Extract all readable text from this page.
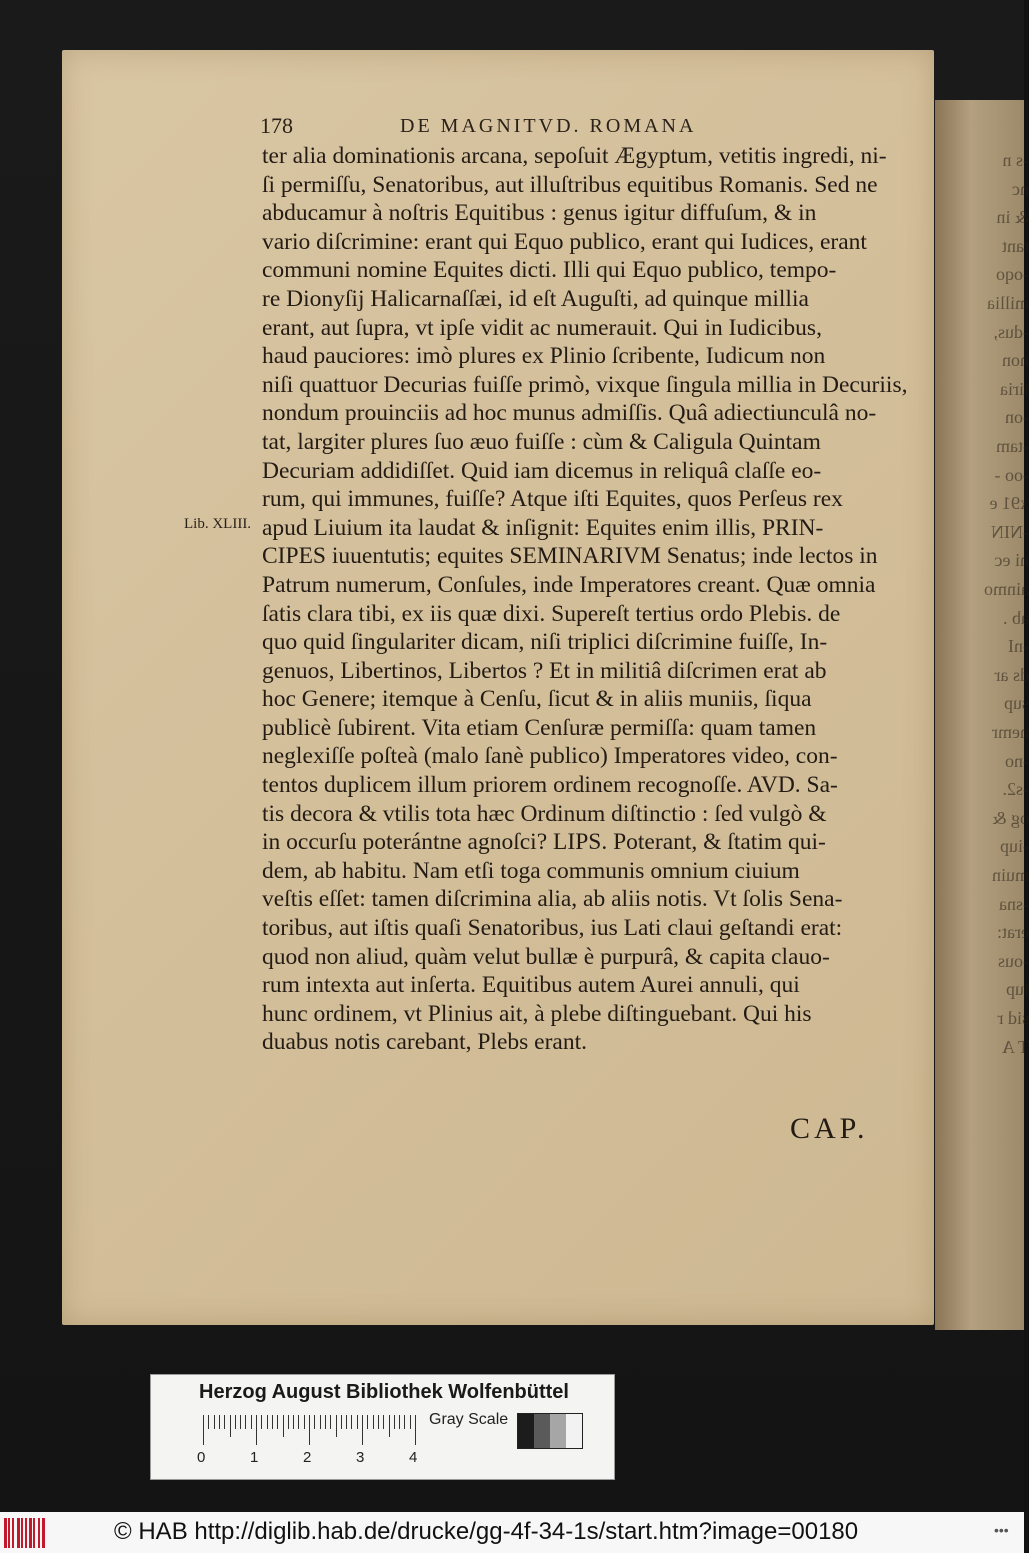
-s n
nc
& in
tant
-oqo
millia
-dus,
non
iiria
-on
-tam
-oo -
x91 e
-NIN
ni ec
ainmo
ab .
-nI
ds ar
sup
nemr
-no
-s2.
og &
-iup
muin
-sna
erat:
-ous
iup
sid r
T A
178	DE MAGNITVD. ROMANA
Lib. XLIII.
ter alia dominationis arcana, sepoſuit Ægyptum, vetitis ingredi, ni-
ſi permiſſu, Senatoribus, aut illuſtribus equitibus Romanis. Sed ne
abducamur à noſtris Equitibus : genus igitur diffuſum, & in
vario diſcrimine: erant qui Equo publico, erant qui Iudices, erant
communi nomine Equites dicti. Illi qui Equo publico, tempo-
re Dionyſij Halicarnaſſæi, id eſt Auguſti, ad quinque millia
erant, aut ſupra, vt ipſe vidit ac numerauit. Qui in Iudicibus,
haud pauciores: imò plures ex Plinio ſcribente, Iudicum non
niſi quattuor Decurias fuiſſe primò, vixque ſingula millia in Decuriis,
nondum prouinciis ad hoc munus admiſſis. Quâ adiectiunculâ no-
tat, largiter plures ſuo æuo fuiſſe : cùm & Caligula Quintam
Decuriam addidiſſet. Quid iam dicemus in reliquâ claſſe eo-
rum, qui immunes, fuiſſe? Atque iſti Equites, quos Perſeus rex
apud Liuium ita laudat & inſignit: Equites enim illis, PRIN-
CIPES iuuentutis; equites SEMINARIVM Senatus; inde lectos in
Patrum numerum, Conſules, inde Imperatores creant. Quæ omnia
ſatis clara tibi, ex iis quæ dixi. Supereſt tertius ordo Plebis. de
quo quid ſingulariter dicam, niſi triplici diſcrimine fuiſſe, In-
genuos, Libertinos, Libertos ? Et in militiâ diſcrimen erat ab
hoc Genere; itemque à Cenſu, ſicut & in aliis muniis, ſiqua
publicè ſubirent. Vita etiam Cenſuræ permiſſa: quam tamen
neglexiſſe poſteà (malo ſanè publico) Imperatores video, con-
tentos duplicem illum priorem ordinem recognoſſe. AVD. Sa-
tis decora & vtilis tota hæc Ordinum diſtinctio : ſed vulgò &
in occurſu poterántne agnoſci? LIPS. Poterant, & ſtatim qui-
dem, ab habitu. Nam etſi toga communis omnium ciuium
veſtis eſſet: tamen diſcrimina alia, ab aliis notis. Vt ſolis Sena-
toribus, aut iſtis quaſi Senatoribus, ius Lati claui geſtandi erat:
quod non aliud, quàm velut bullæ è purpurâ, & capita clauo-
rum intexta aut inſerta. Equitibus autem Aurei annuli, qui
hunc ordinem, vt Plinius ait, à plebe diſtinguebant. Qui his
duabus notis carebant, Plebs erant.
CAP.
Herzog August Bibliothek Wolfenbüttel
0	1	2	3	4
Gray Scale
© HAB http://diglib.hab.de/drucke/gg-4f-34-1s/start.htm?image=00180	•••
